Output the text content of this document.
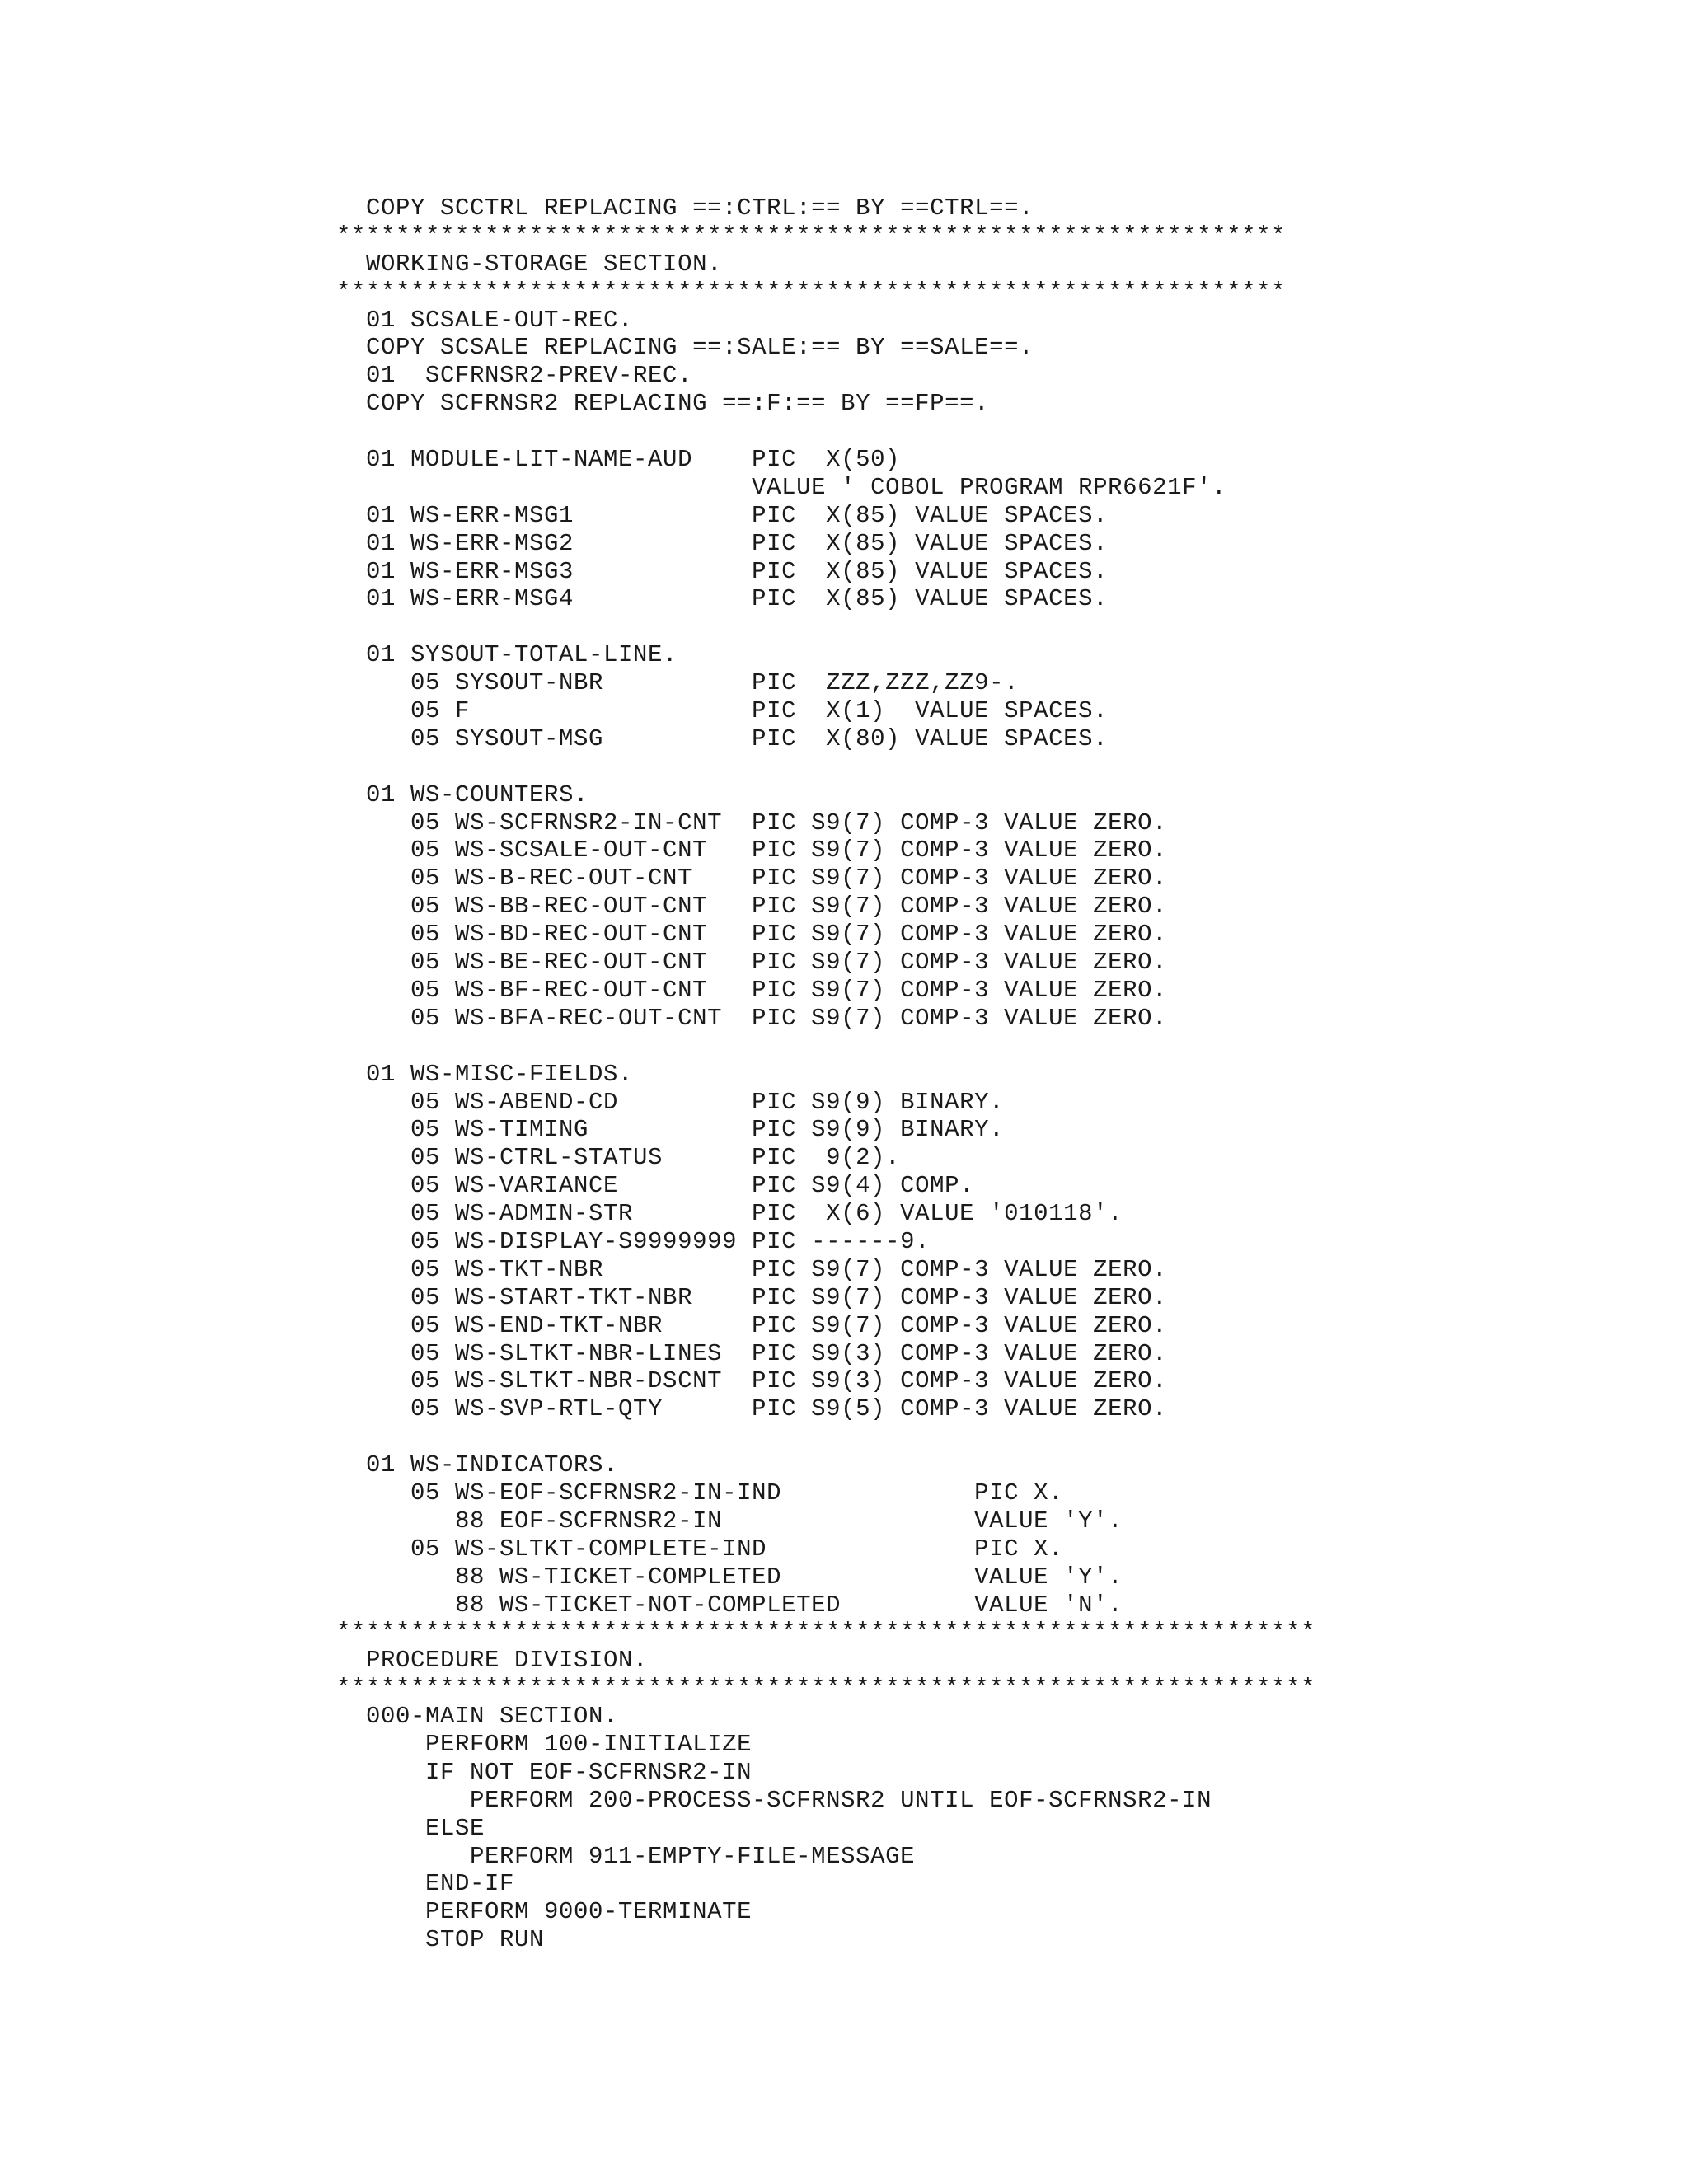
COPY SCCTRL REPLACING ==:CTRL:== BY ==CTRL==.
****************************************************************
WORKING-STORAGE SECTION.
****************************************************************
01 SCSALE-OUT-REC.
COPY SCSALE REPLACING ==:SALE:== BY ==SALE==.
01  SCFRNSR2-PREV-REC.
COPY SCFRNSR2 REPLACING ==:F:== BY ==FP==.

01 MODULE-LIT-NAME-AUD    PIC  X(50)
VALUE ' COBOL PROGRAM RPR6621F'.
01 WS-ERR-MSG1            PIC  X(85) VALUE SPACES.
01 WS-ERR-MSG2            PIC  X(85) VALUE SPACES.
01 WS-ERR-MSG3            PIC  X(85) VALUE SPACES.
01 WS-ERR-MSG4            PIC  X(85) VALUE SPACES.

01 SYSOUT-TOTAL-LINE.
05 SYSOUT-NBR          PIC  ZZZ,ZZZ,ZZ9-.
05 F                   PIC  X(1)  VALUE SPACES.
05 SYSOUT-MSG          PIC  X(80) VALUE SPACES.

01 WS-COUNTERS.
05 WS-SCFRNSR2-IN-CNT  PIC S9(7) COMP-3 VALUE ZERO.
05 WS-SCSALE-OUT-CNT   PIC S9(7) COMP-3 VALUE ZERO.
05 WS-B-REC-OUT-CNT    PIC S9(7) COMP-3 VALUE ZERO.
05 WS-BB-REC-OUT-CNT   PIC S9(7) COMP-3 VALUE ZERO.
05 WS-BD-REC-OUT-CNT   PIC S9(7) COMP-3 VALUE ZERO.
05 WS-BE-REC-OUT-CNT   PIC S9(7) COMP-3 VALUE ZERO.
05 WS-BF-REC-OUT-CNT   PIC S9(7) COMP-3 VALUE ZERO.
05 WS-BFA-REC-OUT-CNT  PIC S9(7) COMP-3 VALUE ZERO.

01 WS-MISC-FIELDS.
05 WS-ABEND-CD         PIC S9(9) BINARY.
05 WS-TIMING           PIC S9(9) BINARY.
05 WS-CTRL-STATUS      PIC  9(2).
05 WS-VARIANCE         PIC S9(4) COMP.
05 WS-ADMIN-STR        PIC  X(6) VALUE '010118'.
05 WS-DISPLAY-S9999999 PIC ------9.
05 WS-TKT-NBR          PIC S9(7) COMP-3 VALUE ZERO.
05 WS-START-TKT-NBR    PIC S9(7) COMP-3 VALUE ZERO.
05 WS-END-TKT-NBR      PIC S9(7) COMP-3 VALUE ZERO.
05 WS-SLTKT-NBR-LINES  PIC S9(3) COMP-3 VALUE ZERO.
05 WS-SLTKT-NBR-DSCNT  PIC S9(3) COMP-3 VALUE ZERO.
05 WS-SVP-RTL-QTY      PIC S9(5) COMP-3 VALUE ZERO.

01 WS-INDICATORS.
05 WS-EOF-SCFRNSR2-IN-IND             PIC X.
88 EOF-SCFRNSR2-IN                 VALUE 'Y'.
05 WS-SLTKT-COMPLETE-IND              PIC X.
88 WS-TICKET-COMPLETED             VALUE 'Y'.
88 WS-TICKET-NOT-COMPLETED         VALUE 'N'.
******************************************************************
PROCEDURE DIVISION.
******************************************************************
000-MAIN SECTION.
PERFORM 100-INITIALIZE
IF NOT EOF-SCFRNSR2-IN
PERFORM 200-PROCESS-SCFRNSR2 UNTIL EOF-SCFRNSR2-IN
ELSE
PERFORM 911-EMPTY-FILE-MESSAGE
END-IF
PERFORM 9000-TERMINATE
STOP RUN
